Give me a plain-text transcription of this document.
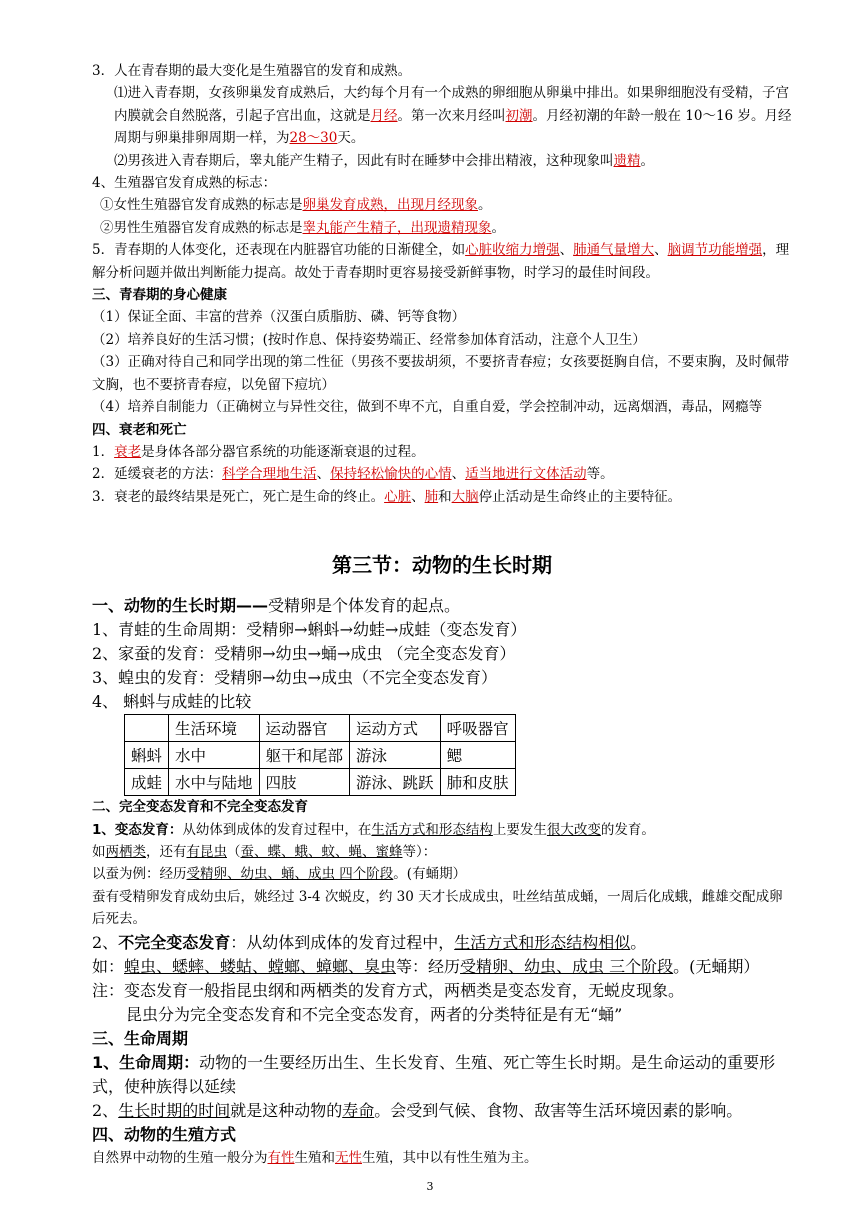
3．人在青春期的最大变化是生殖器官的发育和成熟。

⑴进入青春期，女孩卵巢发育成熟后，大约每个月有一个成熟的卵细胞从卵巢中排出。如果卵细胞没有受精，子宫内膜就会自然脱落，引起子宫出血，这就是月经。第一次来月经叫初潮。月经初潮的年龄一般在 10～16 岁。月经周期与卵巢排卵周期一样，为28～30天。

⑵男孩进入青春期后，睾丸能产生精子，因此有时在睡梦中会排出精液，这种现象叫遗精。

4、生殖器官发育成熟的标志：

①女性生殖器官发育成熟的标志是卵巢发育成熟，出现月经现象。

②男性生殖器官发育成熟的标志是睾丸能产生精子，出现遗精现象。

5．青春期的人体变化，还表现在内脏器官功能的日渐健全，如心脏收缩力增强、肺通气量增大、脑调节功能增强，理解分析问题并做出判断能力提高。故处于青春期时更容易接受新鲜事物，时学习的最佳时间段。

三、青春期的身心健康

（1）保证全面、丰富的营养（汉蛋白质脂肪、磷、钙等食物）

（2）培养良好的生活习惯；(按时作息、保持姿势端正、经常参加体育活动，注意个人卫生）

（3）正确对待自己和同学出现的第二性征（男孩不要拔胡须，不要挤青春痘；女孩要挺胸自信，不要束胸，及时佩带文胸，也不要挤青春痘，以免留下痘坑）

（4）培养自制能力（正确树立与异性交往，做到不卑不亢，自重自爱，学会控制冲动，远离烟酒，毒品，网瘾等

四、衰老和死亡

1．衰老是身体各部分器官系统的功能逐渐衰退的过程。

2．延缓衰老的方法：科学合理地生活、保持轻松愉快的心情、适当地进行文体活动等。

3．衰老的最终结果是死亡，死亡是生命的终止。心脏、肺和大脑停止活动是生命终止的主要特征。

第三节：动物的生长时期

一、动物的生长时期——受精卵是个体发育的起点。

1、青蛙的生命周期：受精卵→蝌蚪→幼蛙→成蛙（变态发育）

2、家蚕的发育：受精卵→幼虫→蛹→成虫 （完全变态发育）

3、蝗虫的发育：受精卵→幼虫→成虫（不完全变态发育）

4、 蝌蚪与成蛙的比较

	生活环境	运动器官	运动方式	呼吸器官
蝌蚪	水中	躯干和尾部	游泳	鳃
成蛙	水中与陆地	四肢	游泳、跳跃	肺和皮肤

二、完全变态发育和不完全变态发育

1、变态发育：从幼体到成体的发育过程中，在生活方式和形态结构上要发生很大改变的发育。

如两栖类，还有有昆虫（蚕、蝶、蛾、蚊、蝇、蜜蜂等）：

以蚕为例：经历受精卵、幼虫、蛹、成虫 四个阶段。(有蛹期）

蚕有受精卵发育成幼虫后，姚经过 3-4 次蜕皮，约 30 天才长成成虫，吐丝结茧成蛹，一周后化成蛾，雌雄交配成卵后死去。

2、不完全变态发育：从幼体到成体的发育过程中，生活方式和形态结构相似。

如：蝗虫、蟋蟀、蝼蛄、螳螂、蟑螂、臭虫等：经历受精卵、幼虫、成虫 三个阶段。(无蛹期）

注：变态发育一般指昆虫纲和两栖类的发育方式，两栖类是变态发育，无蜕皮现象。

昆虫分为完全变态发育和不完全变态发育，两者的分类特征是有无“蛹”

三、生命周期

1、生命周期：动物的一生要经历出生、生长发育、生殖、死亡等生长时期。是生命运动的重要形式，使种族得以延续

2、生长时期的时间就是这种动物的寿命。会受到气候、食物、敌害等生活环境因素的影响。

四、动物的生殖方式

自然界中动物的生殖一般分为有性生殖和无性生殖，其中以有性生殖为主。

3
